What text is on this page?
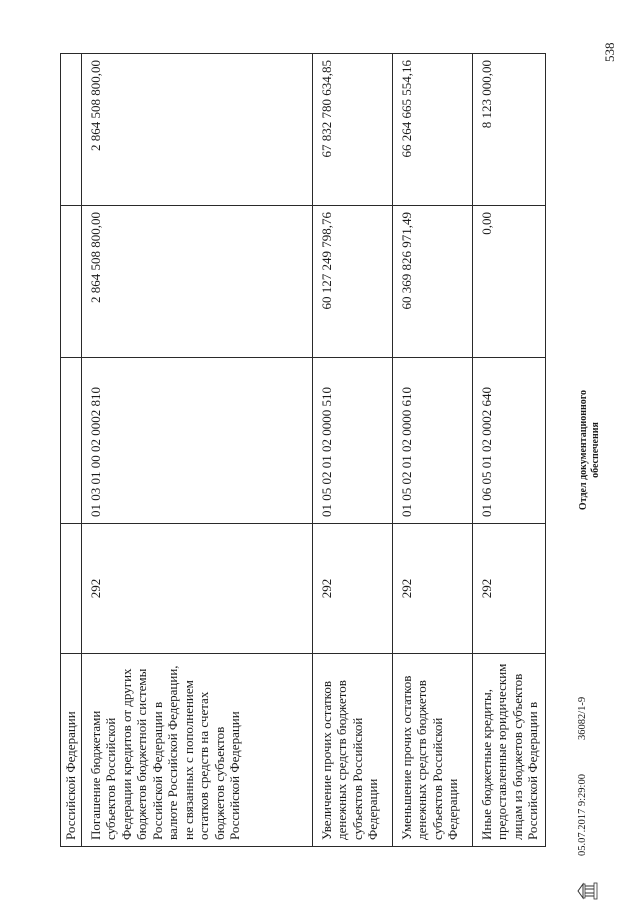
538
Российской Федерации				
Погашение бюджетами субъектов Российской Федерации кредитов от других бюджетов бюджетной системы Российской Федерации в валюте Российской Федерации, не связанных с пополнением остатков средств на счетах бюджетов субъектов Российской Федерации	292	01 03 01 00 02 0002 810	2 864 508 800,00	2 864 508 800,00
Увеличение прочих остатков денежных средств бюджетов субъектов Российской Федерации	292	01 05 02 01 02 0000 510	60 127 249 798,76	67 832 780 634,85
Уменьшение прочих остатков денежных средств бюджетов субъектов Российской Федерации	292	01 05 02 01 02 0000 610	60 369 826 971,49	66 264 665 554,16
Иные бюджетные кредиты, предоставленные юридическим лицам из бюджетов субъектов Российской Федерации в	292	01 06 05 01 02 0002 640	0,00	8 123 000,00
05.07.2017 9:29:00
36082/1-9
Отдел документационного обеспечения
